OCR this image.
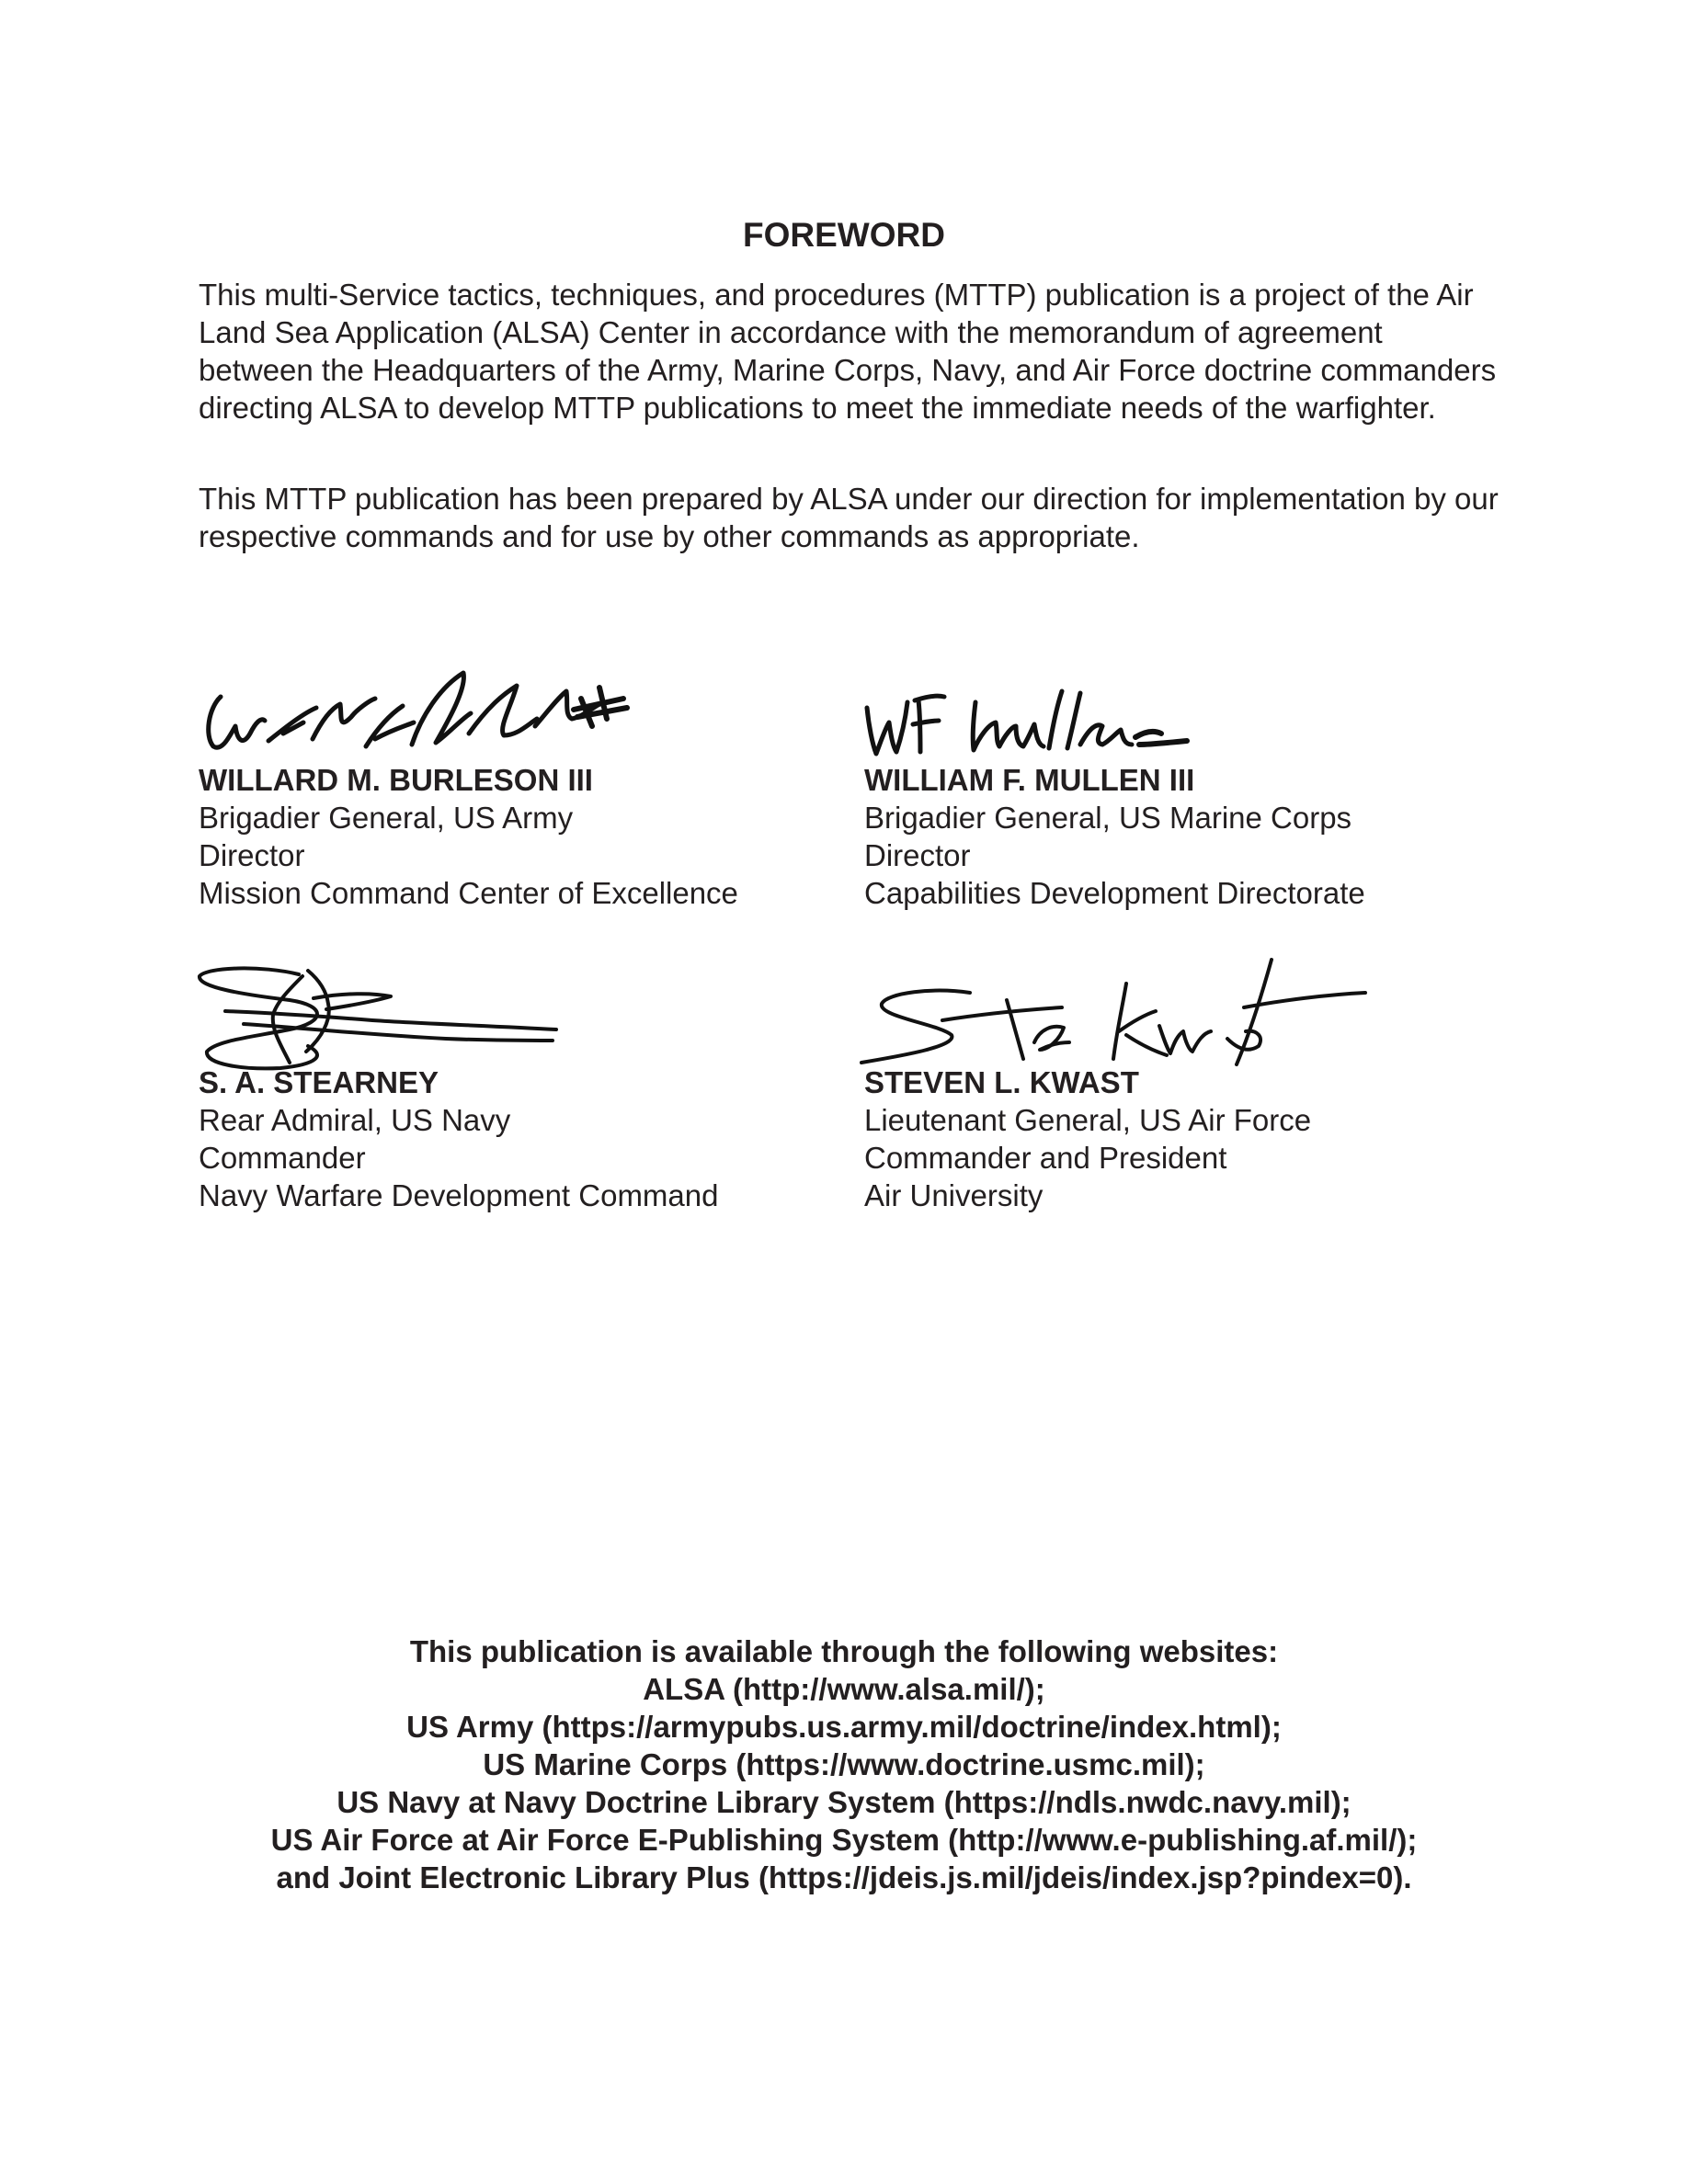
FOREWORD

This multi-Service tactics, techniques, and procedures (MTTP) publication is a project of the Air Land Sea Application (ALSA) Center in accordance with the memorandum of agreement between the Headquarters of the Army, Marine Corps, Navy, and Air Force doctrine commanders directing ALSA to develop MTTP publications to meet the immediate needs of the warfighter.

This MTTP publication has been prepared by ALSA under our direction for implementation by our respective commands and for use by other commands as appropriate.

WILLARD M. BURLESON III
Brigadier General, US Army
Director
Mission Command Center of Excellence
WILLIAM F. MULLEN III
Brigadier General, US Marine Corps
Director
Capabilities Development Directorate
S. A. STEARNEY
Rear Admiral, US Navy
Commander
Navy Warfare Development Command
STEVEN L. KWAST
Lieutenant General, US Air Force
Commander and President
Air University
This publication is available through the following websites:
ALSA (http://www.alsa.mil/);
US Army (https://armypubs.us.army.mil/doctrine/index.html);
US Marine Corps (https://www.doctrine.usmc.mil);
US Navy at Navy Doctrine Library System (https://ndls.nwdc.navy.mil);
US Air Force at Air Force E-Publishing System (http://www.e-publishing.af.mil/);
and Joint Electronic Library Plus (https://jdeis.js.mil/jdeis/index.jsp?pindex=0).
